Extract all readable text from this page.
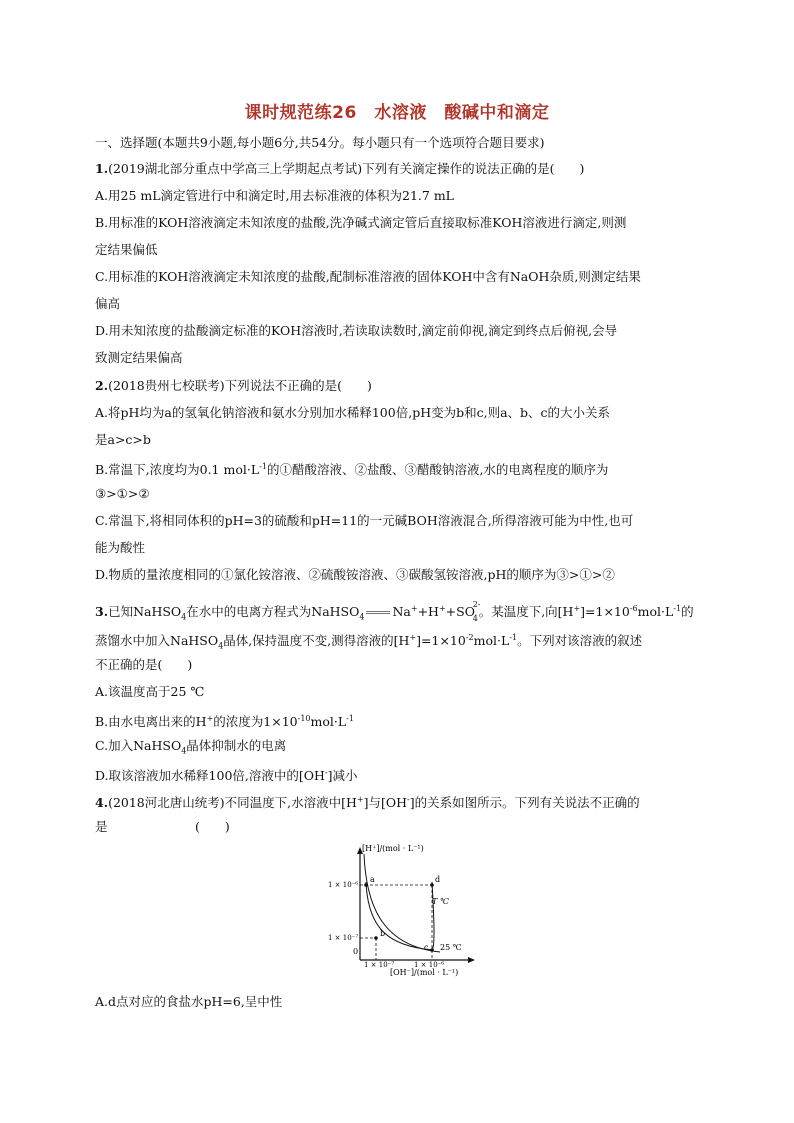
课时规范练26　水溶液　酸碱中和滴定
一、选择题(本题共9小题,每小题6分,共54分。每小题只有一个选项符合题目要求)
1.(2019湖北部分重点中学高三上学期起点考试)下列有关滴定操作的说法正确的是(　　)
A.用25 mL滴定管进行中和滴定时,用去标准液的体积为21.7 mL
B.用标准的KOH溶液滴定未知浓度的盐酸,洗净碱式滴定管后直接取标准KOH溶液进行滴定,则测
定结果偏低
C.用标准的KOH溶液滴定未知浓度的盐酸,配制标准溶液的固体KOH中含有NaOH杂质,则测定结果
偏高
D.用未知浓度的盐酸滴定标准的KOH溶液时,若读取读数时,滴定前仰视,滴定到终点后俯视,会导
致测定结果偏高
2.(2018贵州七校联考)下列说法不正确的是(　　)
A.将pH均为a的氢氧化钠溶液和氨水分别加水稀释100倍,pH变为b和c,则a、b、c的大小关系
是a>c>b
B.常温下,浓度均为0.1 $mol\cdot L^{-1}$的①醋酸溶液、②盐酸、③醋酸钠溶液,水的电离程度的顺序为
③>①>②
C.常温下,将相同体积的pH=3的硫酸和pH=11的一元碱BOH溶液混合,所得溶液可能为中性,也可
能为酸性
D.物质的量浓度相同的①氯化铵溶液、②硫酸铵溶液、③碳酸氢铵溶液,pH的顺序为③>①>②
3.已知NaHSO$_4$在水中的电离方程式为NaHSO$_4$ Na++H++SO
2-
4 。某温度下,向$[H^+]=1\times 10^{-6}mol\cdot L^{-1}$的
蒸馏水中加入NaHSO$_4$晶体,保持温度不变,测得溶液的$[H^+]=1\times 10^{-2}mol\cdot L^{-1}$。下列对该溶液的叙述
不正确的是(　　)
A.该温度高于25 ℃
B.由水电离出来的H+的浓度为$1\times 10^{-10}mol\cdot L^{-1}$
C.加入NaHSO$_4$晶体抑制水的电离
D.取该溶液加水稀释100倍,溶液中的[OH-]减小
4.(2018河北唐山统考)不同温度下,水溶液中[H+]与[OH-]的关系如图所示。下列有关说法不正确的
是　　　　　　　(　　)
[H⁺]/(mol · L⁻¹)
1 × 10⁻⁶
1 × 10⁻⁷
0
1 × 10⁻⁷	1 × 10⁻⁶
[OH⁻]/(mol · L⁻¹)
a
b
c
d
T ℃
25 ℃
A.d点对应的食盐水pH=6,呈中性
